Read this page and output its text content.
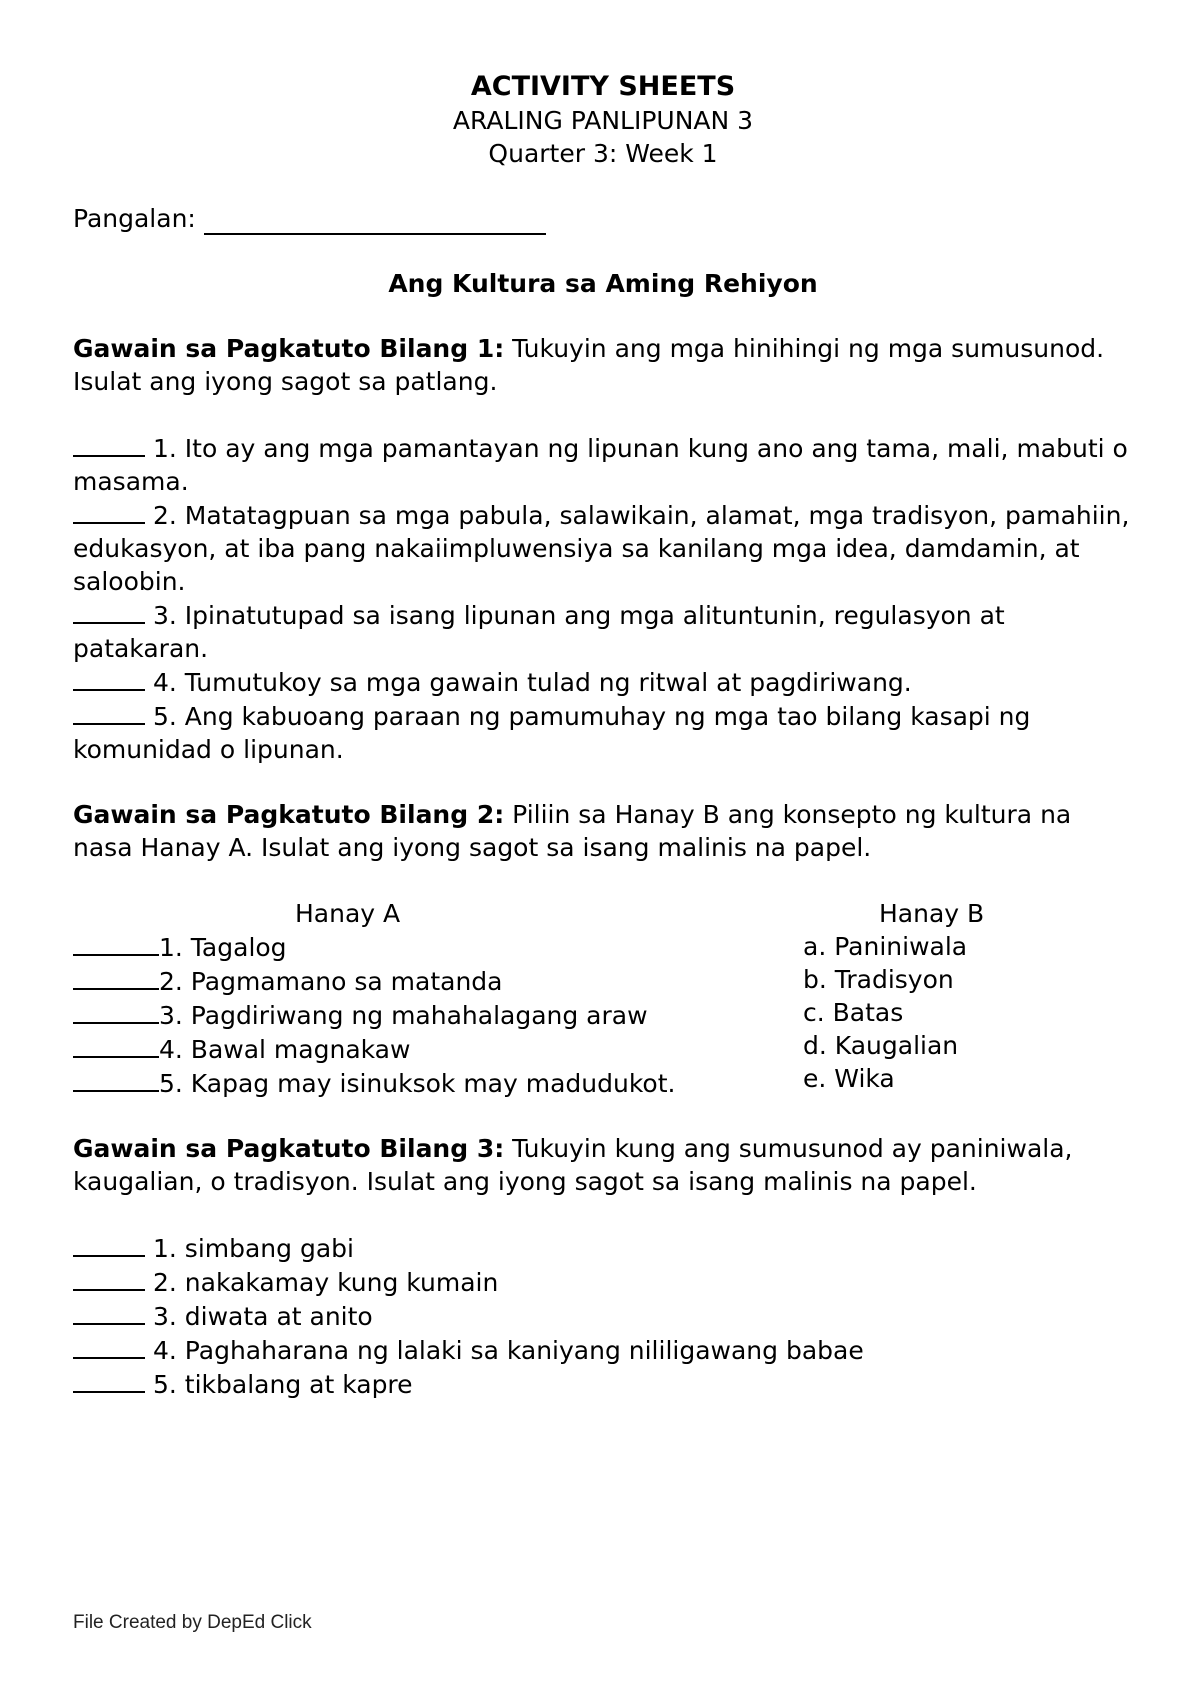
ACTIVITY SHEETS
ARALING PANLIPUNAN 3
Quarter 3: Week 1
Pangalan:
Ang Kultura sa Aming Rehiyon
Gawain sa Pagkatuto Bilang 1: Tukuyin ang mga hinihingi ng mga sumusunod. Isulat ang iyong sagot sa patlang.
1. Ito ay ang mga pamantayan ng lipunan kung ano ang tama, mali, mabuti o masama.
2. Matatagpuan sa mga pabula, salawikain, alamat, mga tradisyon, pamahiin, edukasyon, at iba pang nakaiimpluwensiya sa kanilang mga idea, damdamin, at saloobin.
3. Ipinatutupad sa isang lipunan ang mga alituntunin, regulasyon at patakaran.
4. Tumutukoy sa mga gawain tulad ng ritwal at pagdiriwang.
5. Ang kabuoang paraan ng pamumuhay ng mga tao bilang kasapi ng komunidad o lipunan.
Gawain sa Pagkatuto Bilang 2: Piliin sa Hanay B ang konsepto ng kultura na nasa Hanay A. Isulat ang iyong sagot sa isang malinis na papel.
Hanay A
1. Tagalog
2. Pagmamano sa matanda
3. Pagdiriwang ng mahahalagang araw
4. Bawal magnakaw
5. Kapag may isinuksok may madudukot.
Hanay B
a. Paniniwala
b. Tradisyon
c. Batas
d. Kaugalian
e. Wika
Gawain sa Pagkatuto Bilang 3: Tukuyin kung ang sumusunod ay paniniwala, kaugalian, o tradisyon. Isulat ang iyong sagot sa isang malinis na papel.
1. simbang gabi
2. nakakamay kung kumain
3. diwata at anito
4. Paghaharana ng lalaki sa kaniyang nililigawang babae
5. tikbalang at kapre
File Created by DepEd Click
